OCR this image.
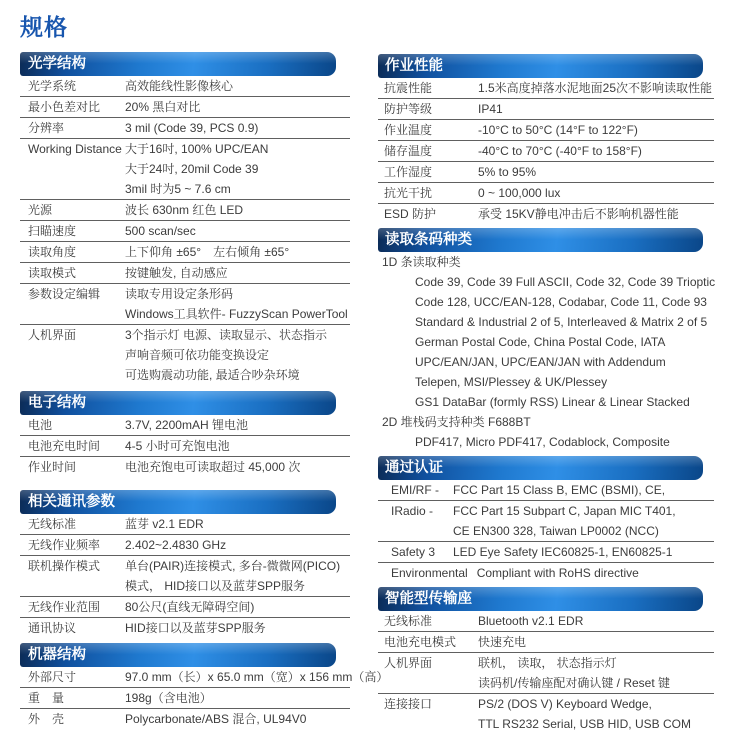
规格
光学结构
光学系统	高效能线性影像核心
最小色差对比	20% 黑白对比
分辨率	3 mil (Code 39, PCS 0.9)
Working Distance 大于16吋, 100% UPC/EAN
大于24吋, 20mil Code 39
3mil 时为5 ~ 7.6 cm
光源	波长 630nm 红色 LED
扫瞄速度	500 scan/sec
读取角度	上下仰角 ±65°　左右倾角 ±65°
读取模式	按键触发, 自动感应
参数设定编辑	读取专用设定条形码
Windows工具软件- FuzzyScan PowerTool
人机界面	3个指示灯 电源、读取显示、状态指示
声响音频可依功能变换设定
可选购震动功能, 最适合吵杂环境
电子结构
电池	3.7V, 2200mAH 锂电池
电池充电时间	4-5 小时可充饱电池
作业时间	电池充饱电可读取超过 45,000 次
相关通讯参数
无线标准	蓝芽 v2.1 EDR
无线作业频率	2.402~2.4830 GHz
联机操作模式	单台(PAIR)连接模式, 多台-微微网(PICO)
模式， HID接口以及蓝芽SPP服务
无线作业范围	80公尺(直线无障碍空间)
通讯协议	HID接口以及蓝芽SPP服务
机器结构
外部尺寸	97.0 mm（长）x 65.0 mm（宽）x 156 mm（高）
重　量	198g（含电池）
外　壳	Polycarbonate/ABS 混合, UL94V0
作业性能
抗震性能	1.5米高度掉落水泥地面25次不影响读取性能
防护等级	IP41
作业温度	-10°C to 50°C (14°F to 122°F)
储存温度	-40°C to 70°C (-40°F to 158°F)
工作湿度	5% to 95%
抗光干扰	0 ~ 100,000 lux
ESD 防护	承受 15KV静电冲击后不影响机器性能
读取条码种类
1D 条读取种类
Code 39, Code 39 Full ASCII, Code 32, Code 39 Trioptic
Code 128, UCC/EAN-128, Codabar, Code 11, Code 93
Standard & Industrial 2 of 5, Interleaved & Matrix 2 of 5
German Postal Code, China Postal Code, IATA
UPC/EAN/JAN, UPC/EAN/JAN with Addendum
Telepen, MSI/Plessey & UK/Plessey
GS1 DataBar (formly RSS) Linear & Linear Stacked
2D 堆栈码支持种类 F688BT
PDF417, Micro PDF417, Codablock, Composite
通过认证
EMI/RF -	FCC Part 15 Class B, EMC (BSMI), CE,
IRadio -	FCC Part 15 Subpart C, Japan MIC T401,
CE EN300 328, Taiwan LP0002 (NCC)
Safety 3	LED Eye Safety IEC60825-1, EN60825-1
Environmental Compliant with RoHS directive
智能型传输座
无线标准	Bluetooth v2.1 EDR
电池充电模式	快速充电
人机界面	联机， 读取， 状态指示灯
读码机/传输座配对确认键 / Reset 键
连接接口	PS/2 (DOS V) Keyboard Wedge,
TTL RS232 Serial, USB HID, USB COM
